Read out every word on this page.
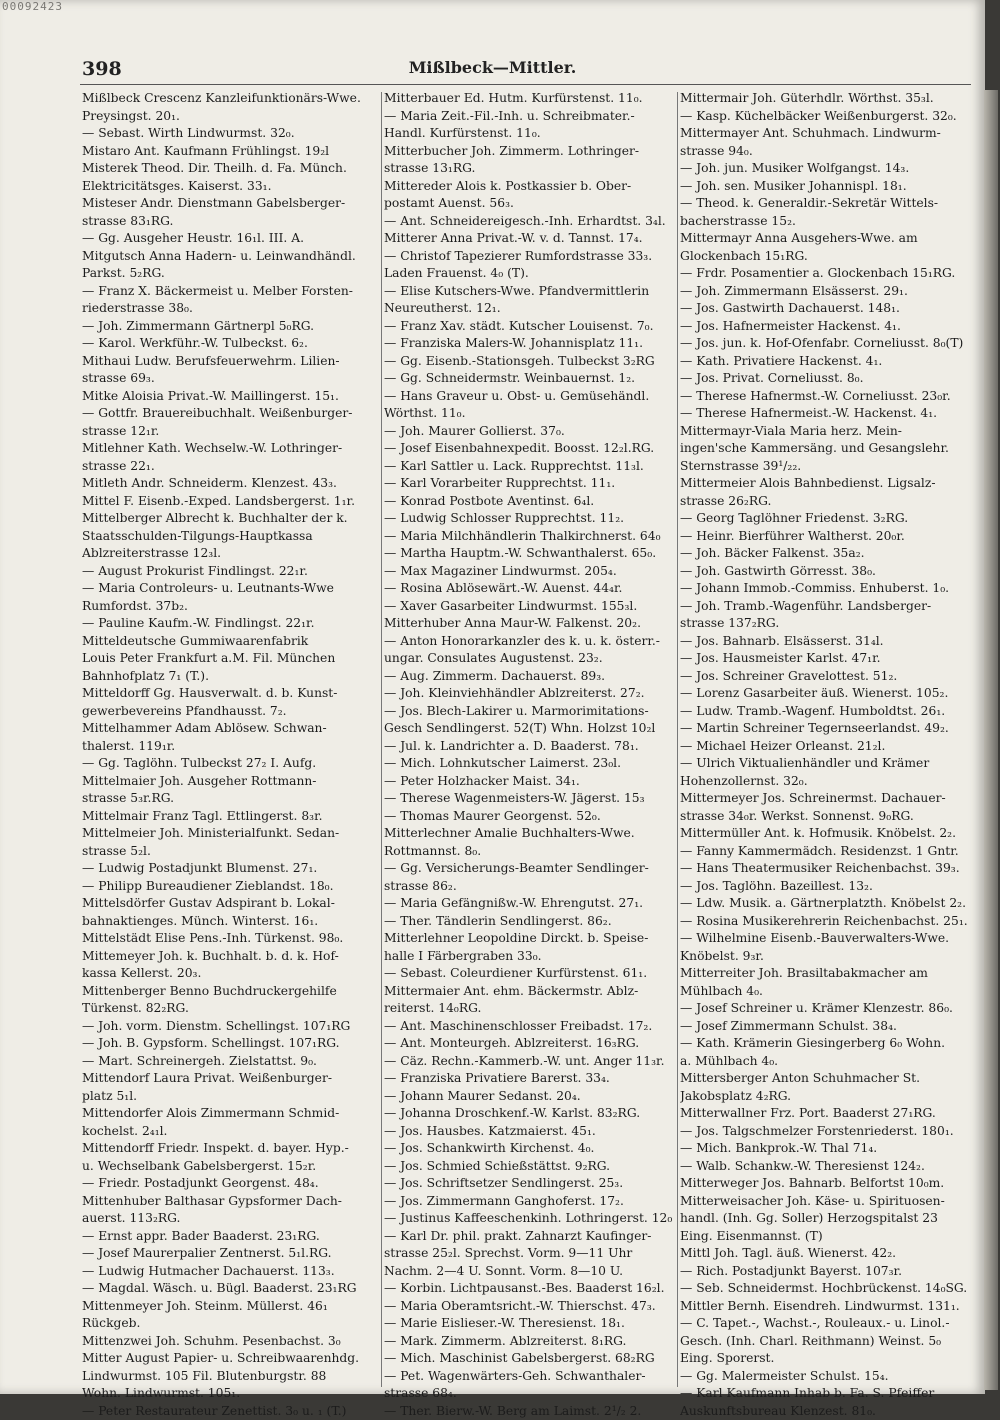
00092423
398	Mißlbeck—Mittler.
Mißlbeck Crescenz Kanzleifunktionärs-Wwe.
Preysingst. 20₁.
— Sebast. Wirth Lindwurmst. 32₀.
Mistaro Ant. Kaufmann Frühlingst. 19₂l
Misterek Theod. Dir. Theilh. d. Fa. Münch.
Elektricitätsges. Kaiserst. 33₁.
Misteser Andr. Dienstmann Gabelsberger-
strasse 83₁RG.
— Gg. Ausgeher Heustr. 16₁l. III. A.
Mitgutsch Anna Hadern- u. Leinwandhändl.
Parkst. 5₂RG.
— Franz X. Bäckermeist u. Melber Forsten-
riederstrasse 38₀.
— Joh. Zimmermann Gärtnerpl 5₀RG.
— Karol. Werkführ.-W. Tulbeckst. 6₂.
Mithaui Ludw. Berufsfeuerwehrm. Lilien-
strasse 69₃.
Mitke Aloisia Privat.-W. Maillingerst. 15₁.
— Gottfr. Brauereibuchhalt. Weißenburger-
strasse 12₁r.
Mitlehner Kath. Wechselw.-W. Lothringer-
strasse 22₁.
Mitleth Andr. Schneiderm. Klenzest. 43₃.
Mittel F. Eisenb.-Exped. Landsbergerst. 1₁r.
Mittelberger Albrecht k. Buchhalter der k.
Staatsschulden-Tilgungs-Hauptkassa
Ablzreiterstrasse 12₃l.
— August Prokurist Findlingst. 22₁r.
— Maria Controleurs- u. Leutnants-Wwe
Rumfordst. 37b₂.
— Pauline Kaufm.-W. Findlingst. 22₁r.
Mitteldeutsche Gummiwaarenfabrik
Louis Peter Frankfurt a.M. Fil. München
Bahnhofplatz 7₁ (T.).
Mitteldorff Gg. Hausverwalt. d. b. Kunst-
gewerbevereins Pfandhausst. 7₂.
Mittelhammer Adam Ablösew. Schwan-
thalerst. 119₁r.
— Gg. Taglöhn. Tulbeckst 27₂ I. Aufg.
Mittelmaier Joh. Ausgeher Rottmann-
strasse 5₃r.RG.
Mittelmair Franz Tagl. Ettlingerst. 8₃r.
Mittelmeier Joh. Ministerialfunkt. Sedan-
strasse 5₂l.
— Ludwig Postadjunkt Blumenst. 27₁.
— Philipp Bureaudiener Zieblandst. 18₀.
Mittelsdörfer Gustav Adspirant b. Lokal-
bahnaktienges. Münch. Winterst. 16₁.
Mittelstädt Elise Pens.-Inh. Türkenst. 98₀.
Mittemeyer Joh. k. Buchhalt. b. d. k. Hof-
kassa Kellerst. 20₃.
Mittenberger Benno Buchdruckergehilfe
Türkenst. 82₂RG.
— Joh. vorm. Dienstm. Schellingst. 107₁RG
— Joh. B. Gypsform. Schellingst. 107₁RG.
— Mart. Schreinergeh. Zielstattst. 9₀.
Mittendorf Laura Privat. Weißenburger-
platz 5₁l.
Mittendorfer Alois Zimmermann Schmid-
kochelst. 2₄₁l.
Mittendorff Friedr. Inspekt. d. bayer. Hyp.-
u. Wechselbank Gabelsbergerst. 15₂r.
— Friedr. Postadjunkt Georgenst. 48₄.
Mittenhuber Balthasar Gypsformer Dach-
auerst. 113₂RG.
— Ernst appr. Bader Baaderst. 23₁RG.
— Josef Maurerpalier Zentnerst. 5₁l.RG.
— Ludwig Hutmacher Dachauerst. 113₃.
— Magdal. Wäsch. u. Bügl. Baaderst. 23₁RG
Mittenmeyer Joh. Steinm. Müllerst. 46₁
Rückgeb.
Mittenzwei Joh. Schuhm. Pesenbachst. 3₀
Mitter August Papier- u. Schreibwaarenhdg.
Lindwurmst. 105 Fil. Blutenburgstr. 88
Wohn. Lindwurmst. 105₁.
— Peter Restaurateur Zenettist. 3₀ u. ₁ (T.)
Mitterbauer Ed. Hutm. Kurfürstenst. 11₀.
— Maria Zeit.-Fil.-Inh. u. Schreibmater.-
Handl. Kurfürstenst. 11₀.
Mitterbucher Joh. Zimmerm. Lothringer-
strasse 13₁RG.
Mittereder Alois k. Postkassier b. Ober-
postamt Auenst. 56₃.
— Ant. Schneidereigesch.-Inh. Erhardtst. 3₄l.
Mitterer Anna Privat.-W. v. d. Tannst. 17₄.
— Christof Tapezierer Rumfordstrasse 33₃.
Laden Frauenst. 4₀ (T).
— Elise Kutschers-Wwe. Pfandvermittlerin
Neureutherst. 12₁.
— Franz Xav. städt. Kutscher Louisenst. 7₀.
— Franziska Malers-W. Johannisplatz 11₁.
— Gg. Eisenb.-Stationsgeh. Tulbeckst 3₂RG
— Gg. Schneidermstr. Weinbauernst. 1₂.
— Hans Graveur u. Obst- u. Gemüsehändl.
Wörthst. 11₀.
— Joh. Maurer Gollierst. 37₀.
— Josef Eisenbahnexpedit. Boosst. 12₂l.RG.
— Karl Sattler u. Lack. Rupprechtst. 11₃l.
— Karl Vorarbeiter Rupprechtst. 11₁.
— Konrad Postbote Aventinst. 6₄l.
— Ludwig Schlosser Rupprechtst. 11₂.
— Maria Milchhändlerin Thalkirchnerst. 64₀
— Martha Hauptm.-W. Schwanthalerst. 65₀.
— Max Magaziner Lindwurmst. 205₄.
— Rosina Ablösewärt.-W. Auenst. 44₄r.
— Xaver Gasarbeiter Lindwurmst. 155₃l.
Mitterhuber Anna Maur-W. Falkenst. 20₂.
— Anton Honorarkanzler des k. u. k. österr.-
ungar. Consulates Augustenst. 23₂.
— Aug. Zimmerm. Dachauerst. 89₃.
— Joh. Kleinviehhändler Ablzreiterst. 27₂.
— Jos. Blech-Lakirer u. Marmorimitations-
Gesch Sendlingerst. 52(T) Whn. Holzst 10₂l
— Jul. k. Landrichter a. D. Baaderst. 78₁.
— Mich. Lohnkutscher Laimerst. 23₀l.
— Peter Holzhacker Maist. 34₁.
— Therese Wagenmeisters-W. Jägerst. 15₃
— Thomas Maurer Georgenst. 52₀.
Mitterlechner Amalie Buchhalters-Wwe.
Rottmannst. 8₀.
— Gg. Versicherungs-Beamter Sendlinger-
strasse 86₂.
— Maria Gefängnißw.-W. Ehrengutst. 27₁.
— Ther. Tändlerin Sendlingerst. 86₂.
Mitterlehner Leopoldine Dirckt. b. Speise-
halle I Färbergraben 33₀.
— Sebast. Coleurdiener Kurfürstenst. 61₁.
Mittermaier Ant. ehm. Bäckermstr. Ablz-
reiterst. 14₀RG.
— Ant. Maschinenschlosser Freibadst. 17₂.
— Ant. Monteurgeh. Ablzreiterst. 16₃RG.
— Cäz. Rechn.-Kammerb.-W. unt. Anger 11₃r.
— Franziska Privatiere Barerst. 33₄.
— Johann Maurer Sedanst. 20₄.
— Johanna Droschkenf.-W. Karlst. 83₂RG.
— Jos. Hausbes. Katzmaierst. 45₁.
— Jos. Schankwirth Kirchenst. 4₀.
— Jos. Schmied Schießstättst. 9₂RG.
— Jos. Schriftsetzer Sendlingerst. 25₃.
— Jos. Zimmermann Ganghoferst. 17₂.
— Justinus Kaffeeschenkinh. Lothringerst. 12₀
— Karl Dr. phil. prakt. Zahnarzt Kaufinger-
strasse 25₂l. Sprechst. Vorm. 9—11 Uhr
Nachm. 2—4 U. Sonnt. Vorm. 8—10 U.
— Korbin. Lichtpausanst.-Bes. Baaderst 16₂l.
— Maria Oberamtsricht.-W. Thierschst. 47₃.
— Marie Eislieser.-W. Theresienst. 18₁.
— Mark. Zimmerm. Ablzreiterst. 8₁RG.
— Mich. Maschinist Gabelsbergerst. 68₂RG
— Pet. Wagenwärters-Geh. Schwanthaler-
strasse 68₄.
— Ther. Bierw.-W. Berg am Laimst. 2¹/₂ 2.
Mittermair Joh. Güterhdlr. Wörthst. 35₃l.
— Kasp. Küchelbäcker Weißenburgerst. 32₀.
Mittermayer Ant. Schuhmach. Lindwurm-
strasse 94₀.
— Joh. jun. Musiker Wolfgangst. 14₃.
— Joh. sen. Musiker Johannispl. 18₁.
— Theod. k. Generaldir.-Sekretär Wittels-
bacherstrasse 15₂.
Mittermayr Anna Ausgehers-Wwe. am
Glockenbach 15₁RG.
— Frdr. Posamentier a. Glockenbach 15₁RG.
— Joh. Zimmermann Elsässerst. 29₁.
— Jos. Gastwirth Dachauerst. 148₁.
— Jos. Hafnermeister Hackenst. 4₁.
— Jos. jun. k. Hof-Ofenfabr. Corneliusst. 8₀(T)
— Kath. Privatiere Hackenst. 4₁.
— Jos. Privat. Corneliusst. 8₀.
— Therese Hafnermst.-W. Corneliusst. 23₀r.
— Therese Hafnermeist.-W. Hackenst. 4₁.
Mittermayr-Viala Maria herz. Mein-
ingen'sche Kammersäng. und Gesangslehr.
Sternstrasse 39¹/₂₂.
Mittermeier Alois Bahnbedienst. Ligsalz-
strasse 26₂RG.
— Georg Taglöhner Friedenst. 3₂RG.
— Heinr. Bierführer Waltherst. 20₀r.
— Joh. Bäcker Falkenst. 35a₂.
— Joh. Gastwirth Görresst. 38₀.
— Johann Immob.-Commiss. Enhuberst. 1₀.
— Joh. Tramb.-Wagenführ. Landsberger-
strasse 137₂RG.
— Jos. Bahnarb. Elsässerst. 31₄l.
— Jos. Hausmeister Karlst. 47₁r.
— Jos. Schreiner Gravelottest. 51₂.
— Lorenz Gasarbeiter äuß. Wienerst. 105₂.
— Ludw. Tramb.-Wagenf. Humboldtst. 26₁.
— Martin Schreiner Tegernseerlandst. 49₂.
— Michael Heizer Orleanst. 21₂l.
— Ulrich Viktualienhändler und Krämer
Hohenzollernst. 32₀.
Mittermeyer Jos. Schreinermst. Dachauer-
strasse 34₀r. Werkst. Sonnenst. 9₀RG.
Mittermüller Ant. k. Hofmusik. Knöbelst. 2₂.
— Fanny Kammermädch. Residenzst. 1 Gntr.
— Hans Theatermusiker Reichenbachst. 39₃.
— Jos. Taglöhn. Bazeillest. 13₂.
— Ldw. Musik. a. Gärtnerplatzth. Knöbelst 2₂.
— Rosina Musikerehrerin Reichenbachst. 25₁.
— Wilhelmine Eisenb.-Bauverwalters-Wwe.
Knöbelst. 9₃r.
Mitterreiter Joh. Brasiltabakmacher am
Mühlbach 4₀.
— Josef Schreiner u. Krämer Klenzestr. 86₀.
— Josef Zimmermann Schulst. 38₄.
— Kath. Krämerin Giesingerberg 6₀ Wohn.
a. Mühlbach 4₀.
Mittersberger Anton Schuhmacher St.
Jakobsplatz 4₂RG.
Mitterwallner Frz. Port. Baaderst 27₁RG.
— Jos. Talgschmelzer Forstenriederst. 180₁.
— Mich. Bankprok.-W. Thal 71₄.
— Walb. Schankw.-W. Theresienst 124₂.
Mitterweger Jos. Bahnarb. Belfortst 10₀m.
Mitterweisacher Joh. Käse- u. Spirituosen-
handl. (Inh. Gg. Soller) Herzogspitalst 23
Eing. Eisenmannst. (T)
Mittl Joh. Tagl. äuß. Wienerst. 42₂.
— Rich. Postadjunkt Bayerst. 107₃r.
— Seb. Schneidermst. Hochbrückenst. 14₀SG.
Mittler Bernh. Eisendreh. Lindwurmst. 131₁.
— C. Tapet.-, Wachst.-, Rouleaux.- u. Linol.-
Gesch. (Inh. Charl. Reithmann) Weinst. 5₀
Eing. Sporerst.
— Gg. Malermeister Schulst. 15₄.
— Karl Kaufmann Inhab b. Fa. S. Pfeiffer
Auskunftsbureau Klenzest. 81₀.
